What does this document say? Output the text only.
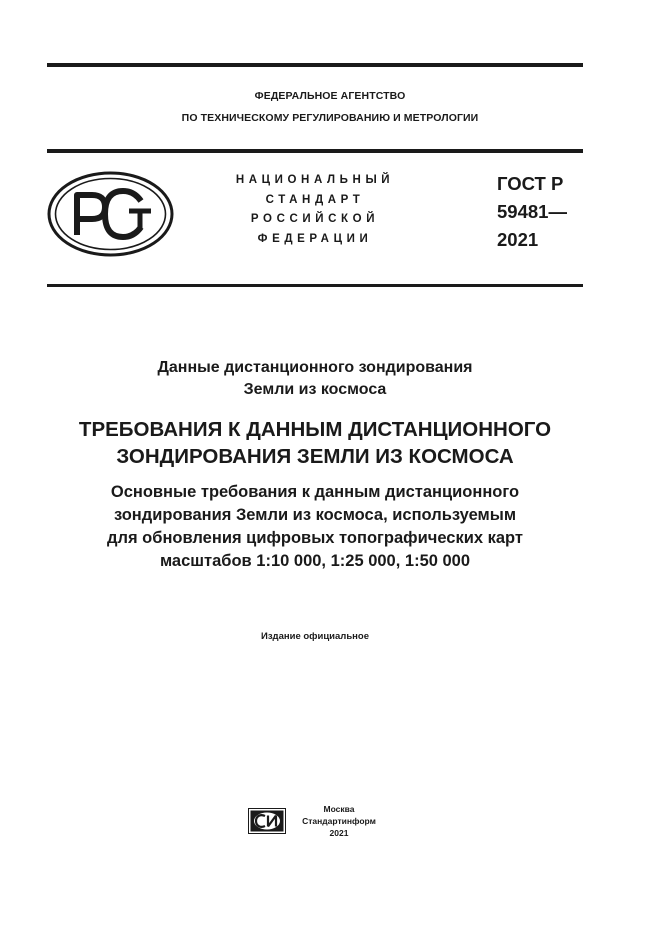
ФЕДЕРАЛЬНОЕ АГЕНТСТВО
ПО ТЕХНИЧЕСКОМУ РЕГУЛИРОВАНИЮ И МЕТРОЛОГИИ
НАЦИОНАЛЬНЫЙ
СТАНДАРТ
РОССИЙСКОЙ
ФЕДЕРАЦИИ
ГОСТ Р
59481—
2021
Данные дистанционного зондирования
Земли из космоса
ТРЕБОВАНИЯ К ДАННЫМ ДИСТАНЦИОННОГО
ЗОНДИРОВАНИЯ ЗЕМЛИ ИЗ КОСМОСА
Основные требования к данным дистанционного
зондирования Земли из космоса, используемым
для обновления цифровых топографических карт
масштабов 1:10 000, 1:25 000, 1:50 000
Издание официальное
Москва
Стандартинформ
2021
